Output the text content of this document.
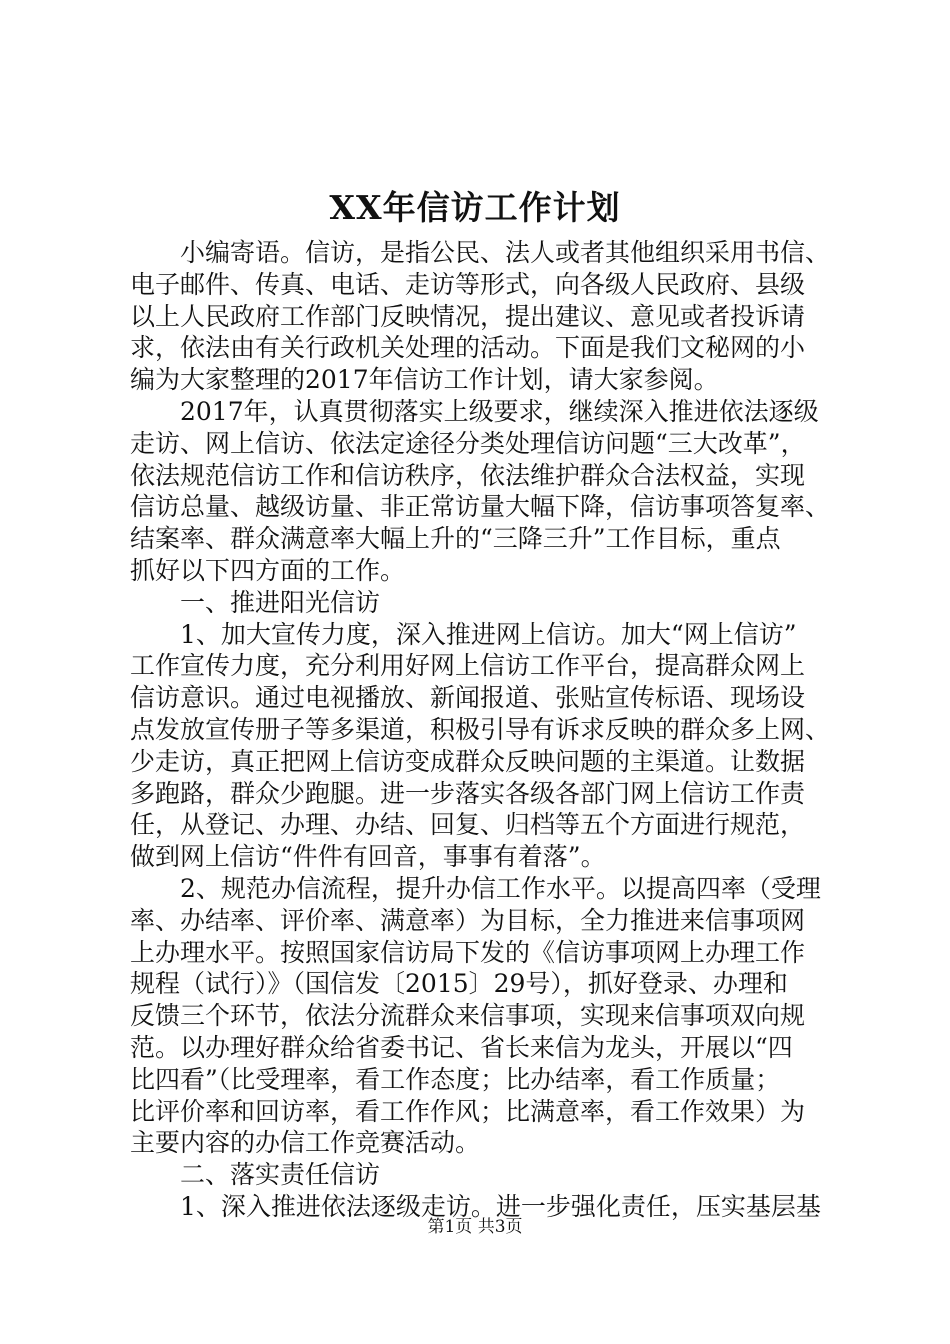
XX年信访工作计划
小编寄语。信访，是指公民、法人或者其他组织采用书信、
电子邮件、传真、电话、走访等形式，向各级人民政府、县级
以上人民政府工作部门反映情况，提出建议、意见或者投诉请
求，依法由有关行政机关处理的活动。下面是我们文秘网的小
编为大家整理的2017年信访工作计划，请大家参阅。
2017年，认真贯彻落实上级要求，继续深入推进依法逐级
走访、网上信访、依法定途径分类处理信访问题“三大改革”，
依法规范信访工作和信访秩序，依法维护群众合法权益，实现
信访总量、越级访量、非正常访量大幅下降，信访事项答复率、
结案率、群众满意率大幅上升的“三降三升”工作目标，重点
抓好以下四方面的工作。
一、推进阳光信访
1、加大宣传力度，深入推进网上信访。加大“网上信访”
工作宣传力度，充分利用好网上信访工作平台，提高群众网上
信访意识。通过电视播放、新闻报道、张贴宣传标语、现场设
点发放宣传册子等多渠道，积极引导有诉求反映的群众多上网、
少走访，真正把网上信访变成群众反映问题的主渠道。让数据
多跑路，群众少跑腿。进一步落实各级各部门网上信访工作责
任，从登记、办理、办结、回复、归档等五个方面进行规范，
做到网上信访“件件有回音，事事有着落”。
2、规范办信流程，提升办信工作水平。以提高四率（受理
率、办结率、评价率、满意率）为目标，全力推进来信事项网
上办理水平。按照国家信访局下发的《信访事项网上办理工作
规程（试行）》（国信发〔2015〕29号），抓好登录、办理和
反馈三个环节，依法分流群众来信事项，实现来信事项双向规
范。以办理好群众给省委书记、省长来信为龙头，开展以“四
比四看”（比受理率，看工作态度；比办结率，看工作质量；
比评价率和回访率，看工作作风；比满意率，看工作效果）为
主要内容的办信工作竞赛活动。
二、落实责任信访
1、深入推进依法逐级走访。进一步强化责任，压实基层基
第1页 共3页
